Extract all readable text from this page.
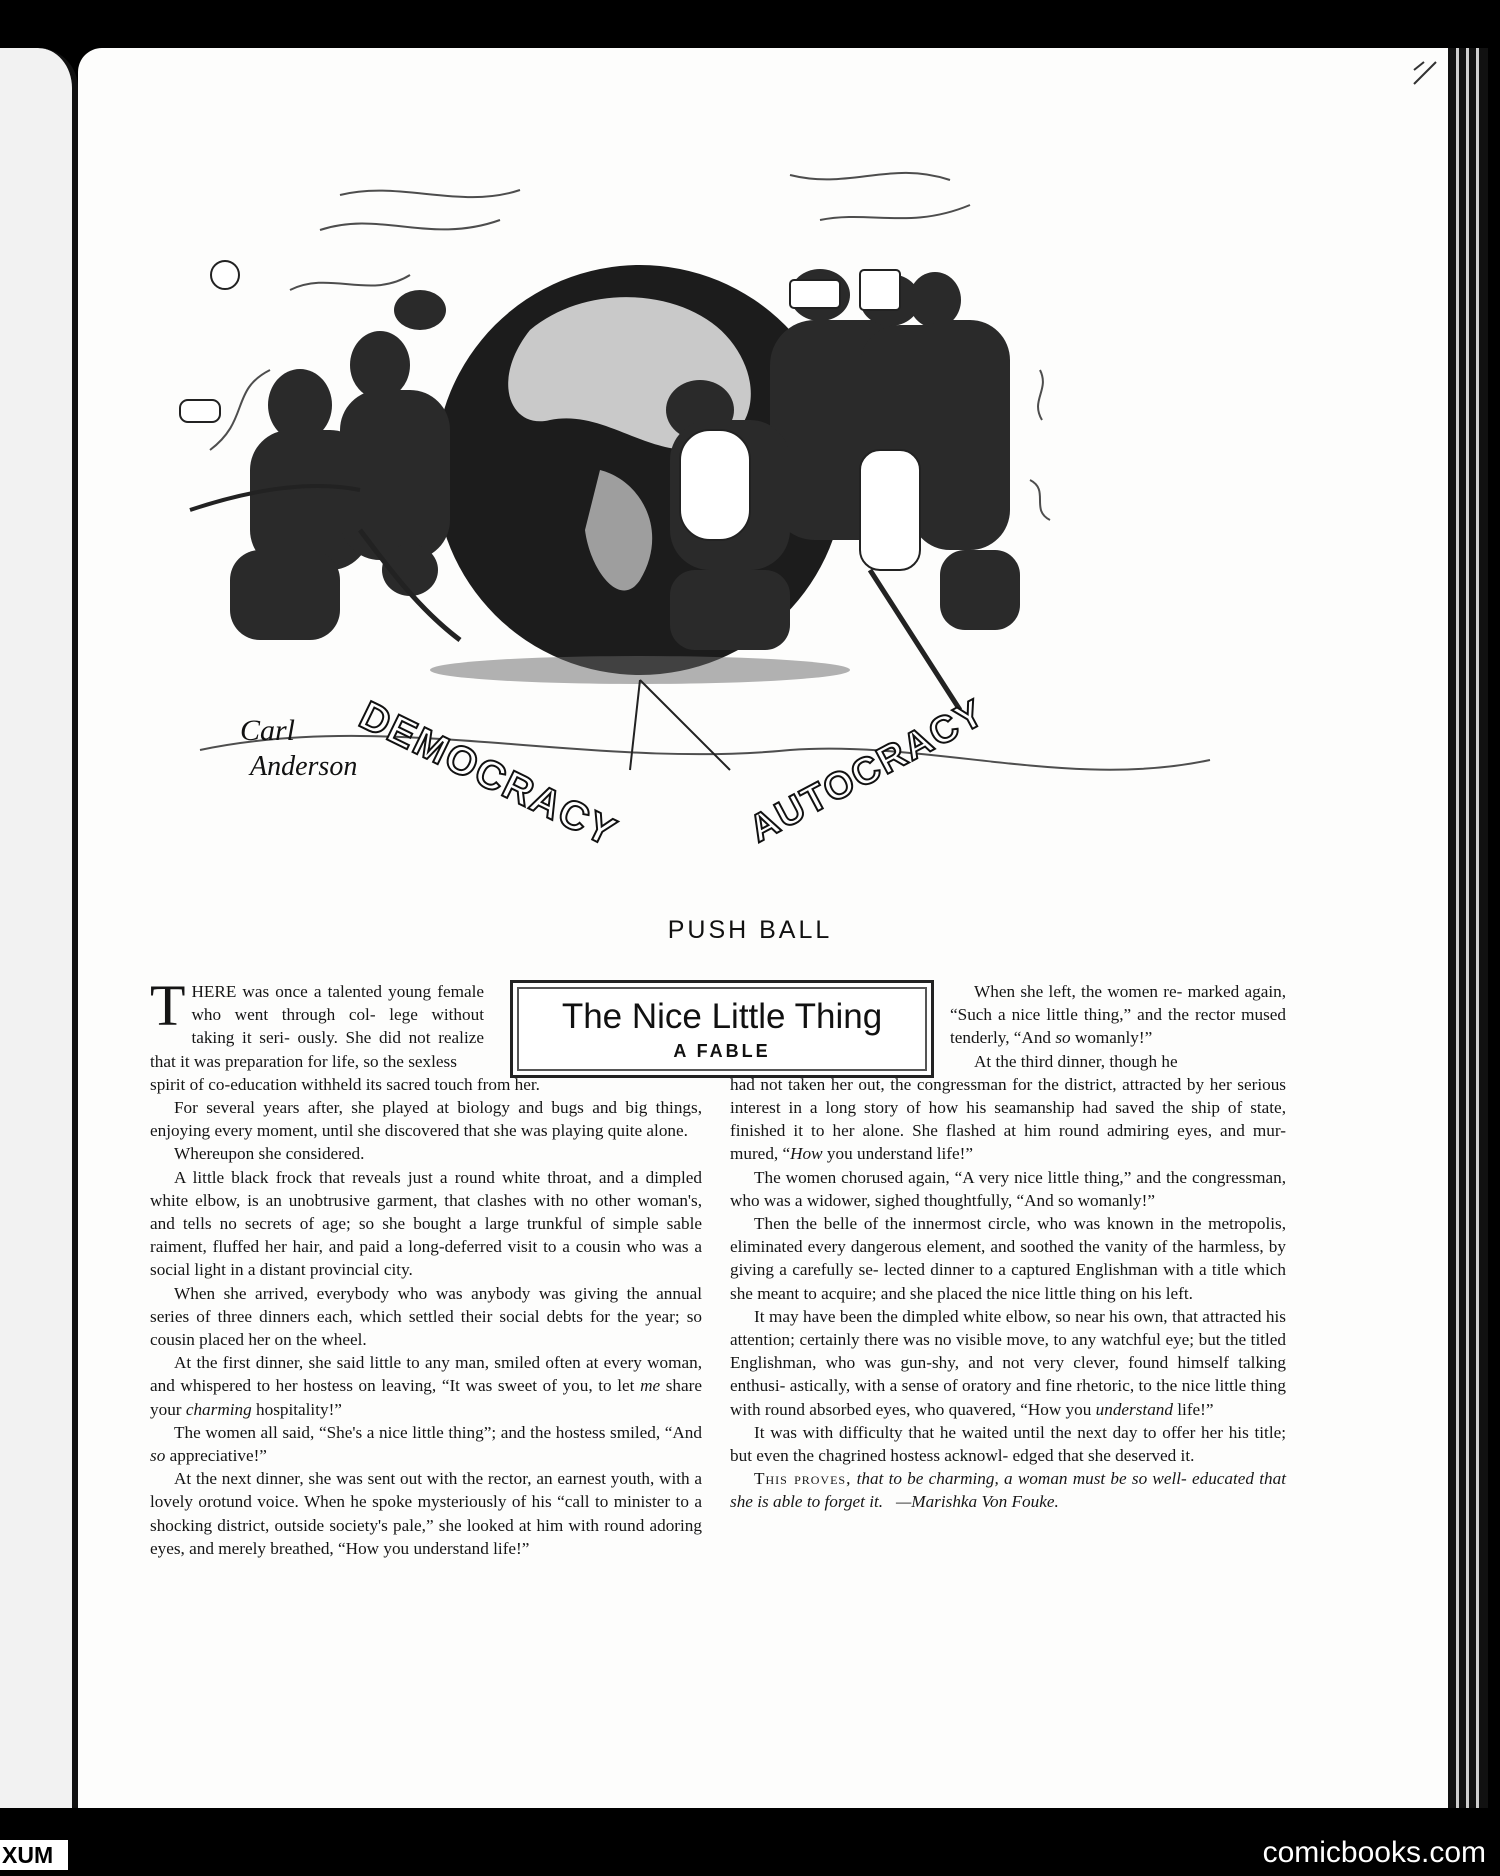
DEMOCRACY	AUTOCRACY
Carl
Anderson
PUSH BALL
The Nice Little Thing
A FABLE

THERE was once a talented young female who went through col- lege without taking it seri- ously. She did not realize that it was preparation for life, so the sexless

spirit of co-education withheld its sacred touch from her.

For several years after, she played at biology and bugs and big things, enjoying every moment, until she discovered that she was playing quite alone.

Whereupon she considered.

A little black frock that reveals just a round white throat, and a dimpled white elbow, is an unobtrusive garment, that clashes with no other woman's, and tells no secrets of age; so she bought a large trunkful of simple sable raiment, fluffed her hair, and paid a long-deferred visit to a cousin who was a social light in a distant provincial city.

When she arrived, everybody who was anybody was giving the annual series of three dinners each, which settled their social debts for the year; so cousin placed her on the wheel.

At the first dinner, she said little to any man, smiled often at every woman, and whispered to her hostess on leaving, “It was sweet of you, to let me share your charming hospitality!”

The women all said, “She's a nice little thing”; and the hostess smiled, “And so appreciative!”

At the next dinner, she was sent out with the rector, an earnest youth, with a lovely orotund voice. When he spoke mysteriously of his “call to minister to a shocking district, outside society's pale,” she looked at him with round adoring eyes, and merely breathed, “How you understand life!”

When she left, the women re- marked again, “Such a nice little thing,” and the rector mused tenderly, “And so womanly!”

At the third dinner, though he

had not taken her out, the congressman for the district, attracted by her serious interest in a long story of how his seamanship had saved the ship of state, finished it to her alone. She flashed at him round admiring eyes, and mur- mured, “How you understand life!”

The women chorused again, “A very nice little thing,” and the congressman, who was a widower, sighed thoughtfully, “And so womanly!”

Then the belle of the innermost circle, who was known in the metropolis, eliminated every dangerous element, and soothed the vanity of the harmless, by giving a carefully se- lected dinner to a captured Englishman with a title which she meant to acquire; and she placed the nice little thing on his left.

It may have been the dimpled white elbow, so near his own, that attracted his attention; certainly there was no visible move, to any watchful eye; but the titled Englishman, who was gun-shy, and not very clever, found himself talking enthusi- astically, with a sense of oratory and fine rhetoric, to the nice little thing with round absorbed eyes, who quavered, “How you understand life!”

It was with difficulty that he waited until the next day to offer her his title; but even the chagrined hostess acknowl- edged that she deserved it.

This proves, that to be charming, a woman must be so well- educated that she is able to forget it. —Marishka Von Fouke.

XUM	comicbooks.com
